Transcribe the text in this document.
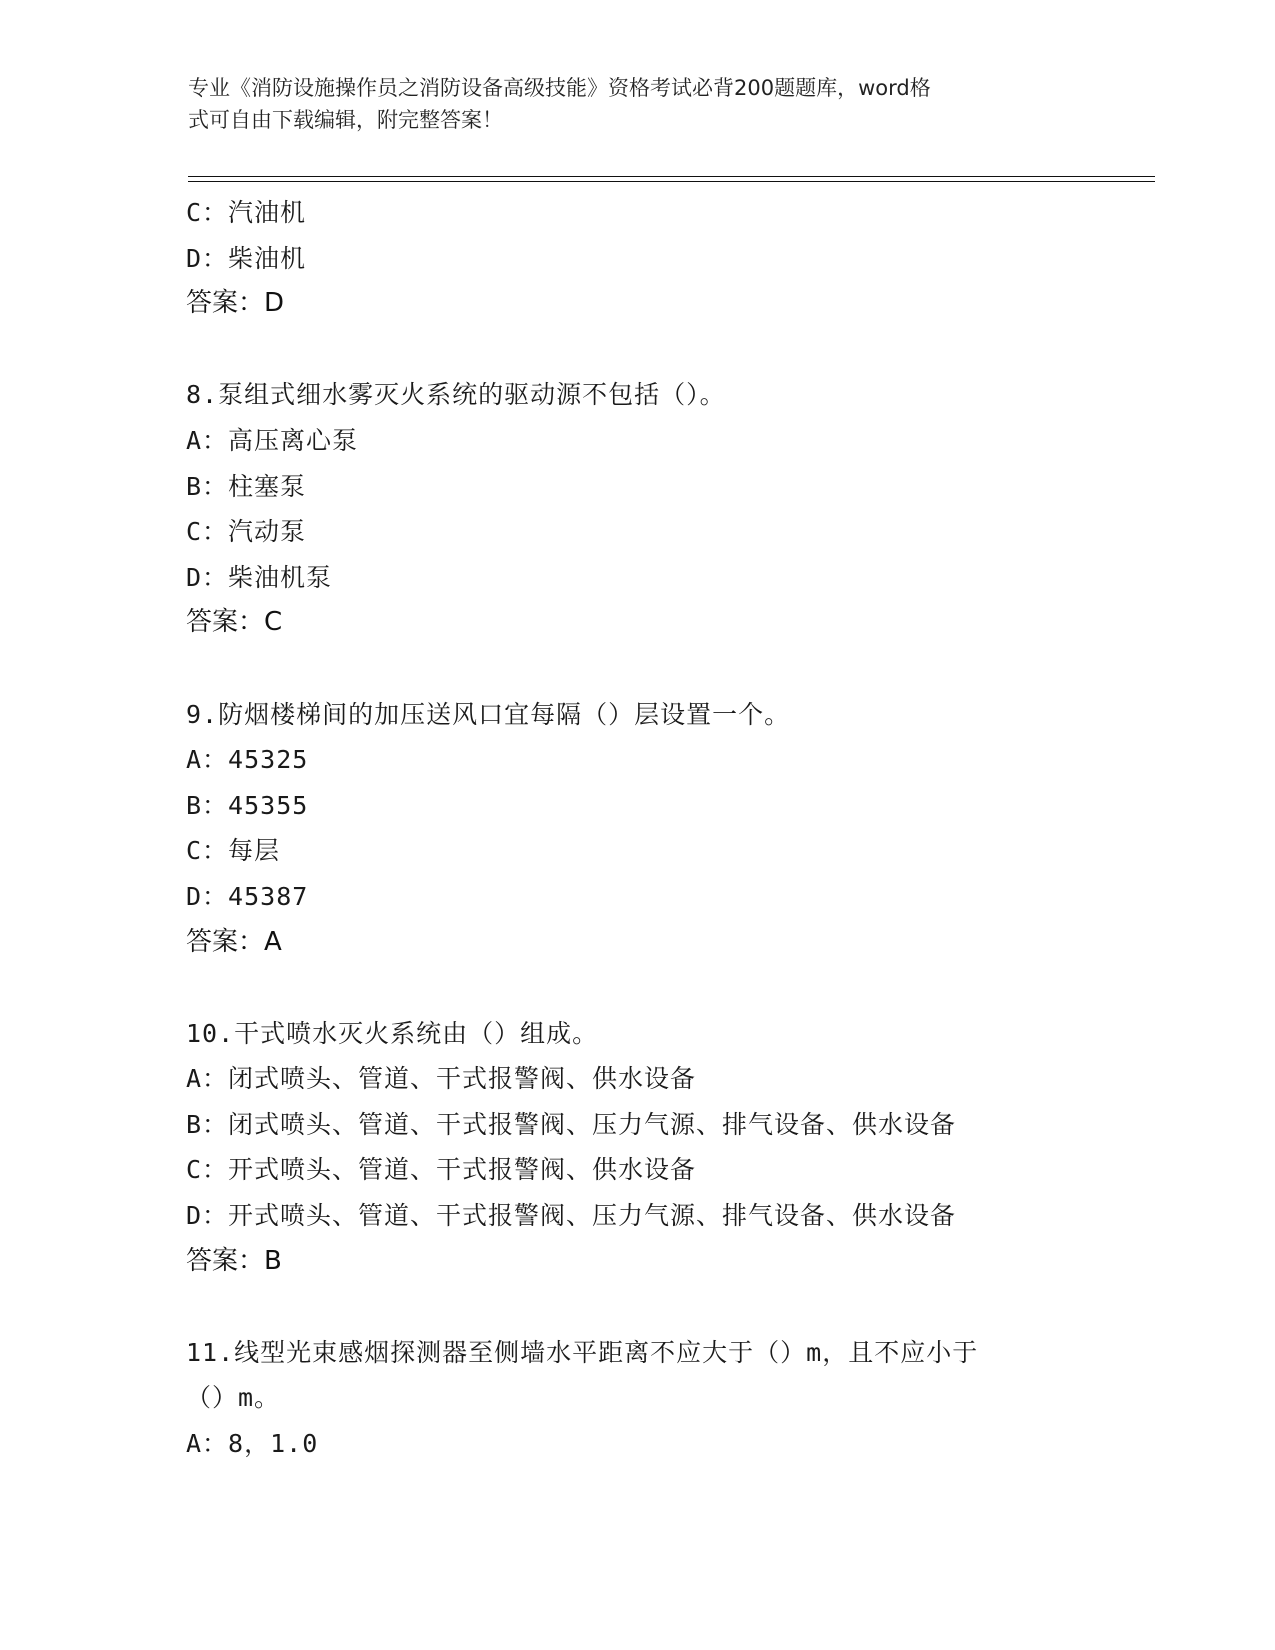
专业《消防设施操作员之消防设备高级技能》资格考试必背200题题库，word格
式可自由下载编辑，附完整答案！
C：汽油机
D：柴油机
答案：D
8.泵组式细水雾灭火系统的驱动源不包括（）。
A：高压离心泵
B：柱塞泵
C：汽动泵
D：柴油机泵
答案：C
9.防烟楼梯间的加压送风口宜每隔（）层设置一个。
A：45325
B：45355
C：每层
D：45387
答案：A
10.干式喷水灭火系统由（）组成。
A：闭式喷头、管道、干式报警阀、供水设备
B：闭式喷头、管道、干式报警阀、压力气源、排气设备、供水设备
C：开式喷头、管道、干式报警阀、供水设备
D：开式喷头、管道、干式报警阀、压力气源、排气设备、供水设备
答案：B
11.线型光束感烟探测器至侧墙水平距离不应大于（）m，且不应小于
（）m。
A：8，1.0
